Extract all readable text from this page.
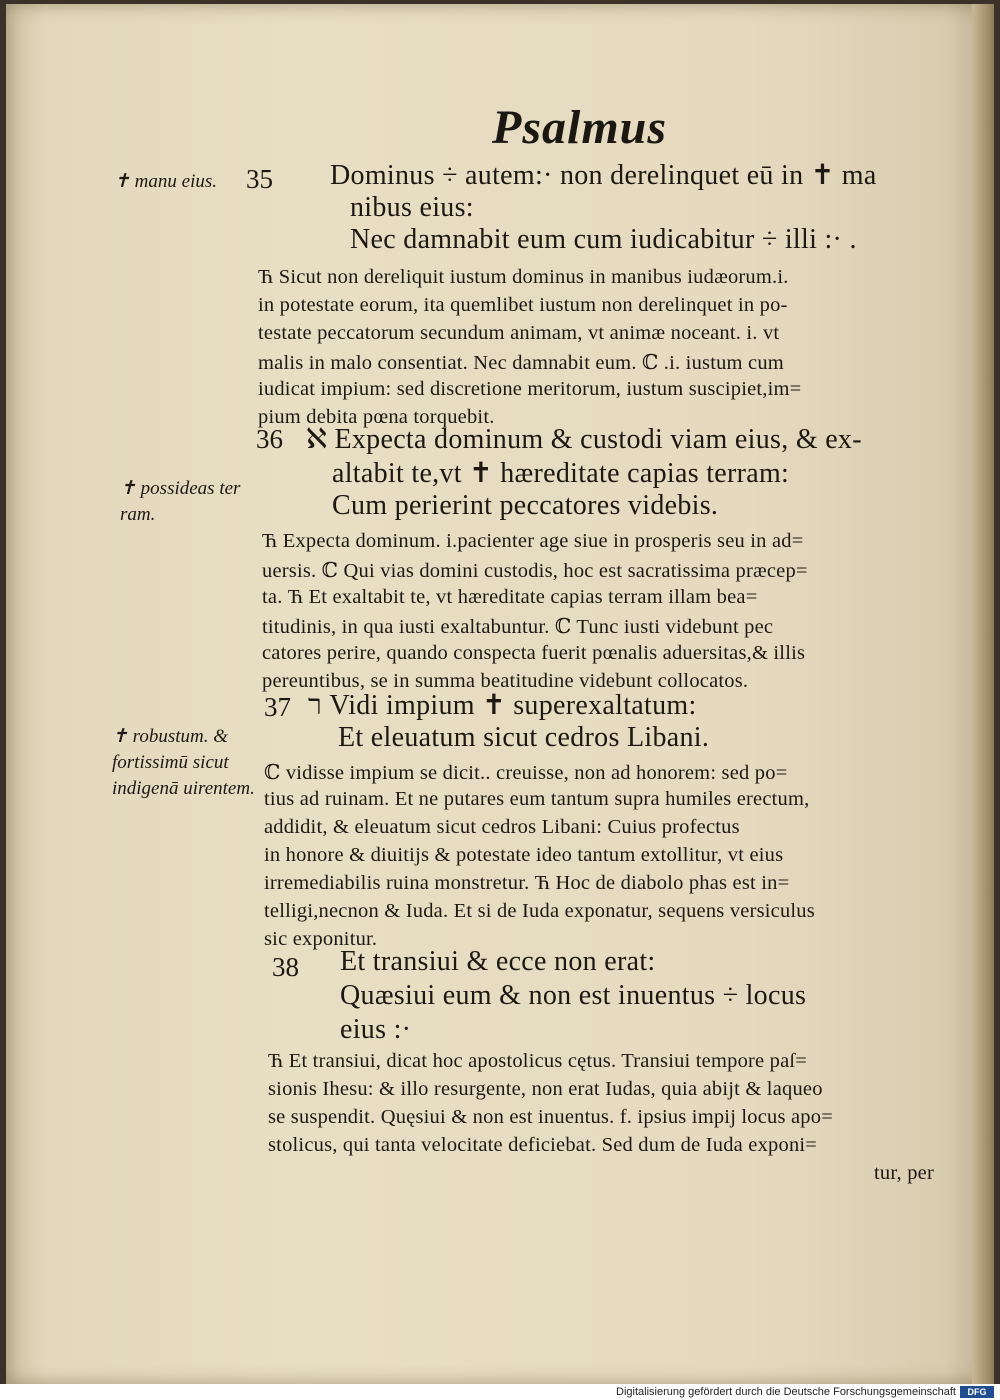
Psalmus
✝ manu eius.
✝ possideas ter ram.
✝ robustum. & fortissimū sicut indigenā uirentem.
35
36
37
38
Dominus ÷ autem:· non derelinquet eū in ✝ ma
nibus eius:
Nec damnabit eum cum iudicabitur ÷ illi :· .
Ћ Sicut non dereliquit iustum dominus in manibus iudæorum.i.
in potestate eorum, ita quemlibet iustum non derelinquet in po-
testate peccatorum secundum animam, vt animæ noceant. i. vt
malis in malo consentiat. Nec damnabit eum. ℂ .i. iustum cum
iudicat impium: sed discretione meritorum, iustum suscipiet,im=
pium debita pœna torquebit.
ℵ Expecta dominum & custodi viam eius, & ex-
altabit te,vt ✝ hæreditate capias terram:
Cum perierint peccatores videbis.
Ћ Expecta dominum. i.pacienter age siue in prosperis seu in ad=
uersis. ℂ Qui vias domini custodis, hoc est sacratissima præcep=
ta. Ћ Et exaltabit te, vt hæreditate capias terram illam bea=
titudinis, in qua iusti exaltabuntur. ℂ Tunc iusti videbunt pec
catores perire, quando conspecta fuerit pœnalis aduersitas,& illis
pereuntibus, se in summa beatitudine videbunt collocatos.
ר Vidi impium ✝ superexaltatum:
Et eleuatum sicut cedros Libani.
ℂ vidisse impium se dicit.. creuisse, non ad honorem: sed po=
tius ad ruinam. Et ne putares eum tantum supra humiles erectum,
addidit, & eleuatum sicut cedros Libani: Cuius profectus
in honore & diuitijs & potestate ideo tantum extollitur, vt eius
irremediabilis ruina monstretur. Ћ Hoc de diabolo phas est in=
telligi,necnon & Iuda. Et si de Iuda exponatur, sequens versiculus
sic exponitur.
Et transiui & ecce non erat:
Quæsiui eum & non est inuentus ÷ locus
eius :·
Ћ Et transiui, dicat hoc apostolicus cętus. Transiui tempore paſ=
sionis Ihesu: & illo resurgente, non erat Iudas, quia abijt & laqueo
se suspendit. Quęsiui & non est inuentus. f. ipsius impij locus apo=
stolicus, qui tanta velocitate deficiebat. Sed dum de Iuda exponi=
tur, per
Digitalisierung gefördert durch die Deutsche Forschungsgemeinschaft	DFG
